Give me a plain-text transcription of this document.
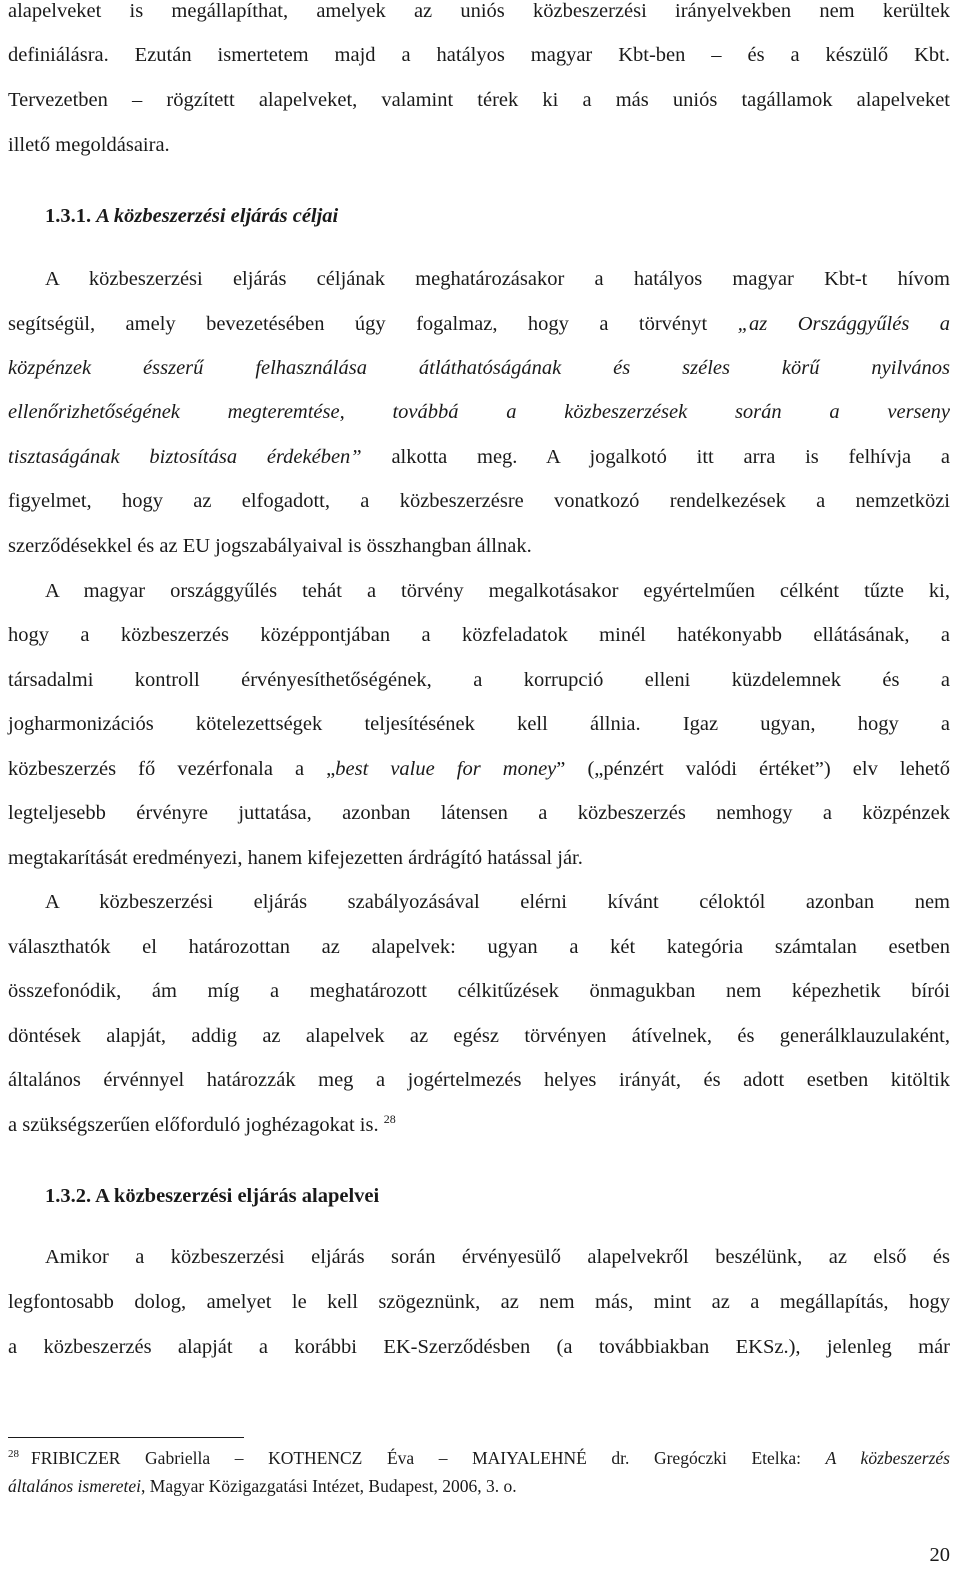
alapelveket is megállapíthat, amelyek az uniós közbeszerzési irányelvekben nem kerültek
definiálásra. Ezután ismertetem majd a hatályos magyar Kbt-ben – és a készülő Kbt.
Tervezetben – rögzített alapelveket, valamint térek ki a más uniós tagállamok alapelveket
illető megoldásaira.
1.3.1. A közbeszerzési eljárás céljai
A közbeszerzési eljárás céljának meghatározásakor a hatályos magyar Kbt-t hívom
segítségül, amely bevezetésében úgy fogalmaz, hogy a törvényt „az Országgyűlés a
közpénzek ésszerű felhasználása átláthatóságának és széles körű nyilvános
ellenőrizhetőségének megteremtése, továbbá a közbeszerzések során a verseny
tisztaságának biztosítása érdekében” alkotta meg. A jogalkotó itt arra is felhívja a
figyelmet, hogy az elfogadott, a közbeszerzésre vonatkozó rendelkezések a nemzetközi
szerződésekkel és az EU jogszabályaival is összhangban állnak.
A magyar országgyűlés tehát a törvény megalkotásakor egyértelműen célként tűzte ki,
hogy a közbeszerzés középpontjában a közfeladatok minél hatékonyabb ellátásának, a
társadalmi kontroll érvényesíthetőségének, a korrupció elleni küzdelemnek és a
jogharmonizációs kötelezettségek teljesítésének kell állnia. Igaz ugyan, hogy a
közbeszerzés fő vezérfonala a „best value for money” („pénzért valódi értéket”) elv lehető
legteljesebb érvényre juttatása, azonban látensen a közbeszerzés nemhogy a közpénzek
megtakarítását eredményezi, hanem kifejezetten árdrágító hatással jár.
A közbeszerzési eljárás szabályozásával elérni kívánt céloktól azonban nem
választhatók el határozottan az alapelvek: ugyan a két kategória számtalan esetben
összefonódik, ám míg a meghatározott célkitűzések önmagukban nem képezhetik bírói
döntések alapját, addig az alapelvek az egész törvényen átívelnek, és generálklauzulaként,
általános érvénnyel határozzák meg a jogértelmezés helyes irányát, és adott esetben kitöltik
a szükségszerűen előforduló joghézagokat is. $^{28}$
1.3.2. A közbeszerzési eljárás alapelvei
Amikor a közbeszerzési eljárás során érvényesülő alapelvekről beszélünk, az első és
legfontosabb dolog, amelyet le kell szögeznünk, az nem más, mint az a megállapítás, hogy
a közbeszerzés alapját a korábbi EK-Szerződésben (a továbbiakban EKSz.), jelenleg már
$^{28}$ FRIBICZER Gabriella – KOTHENCZ Éva – MAIYALEHNÉ dr. Gregóczki Etelka: A közbeszerzés
általános ismeretei, Magyar Közigazgatási Intézet, Budapest, 2006, 3. o.
20
